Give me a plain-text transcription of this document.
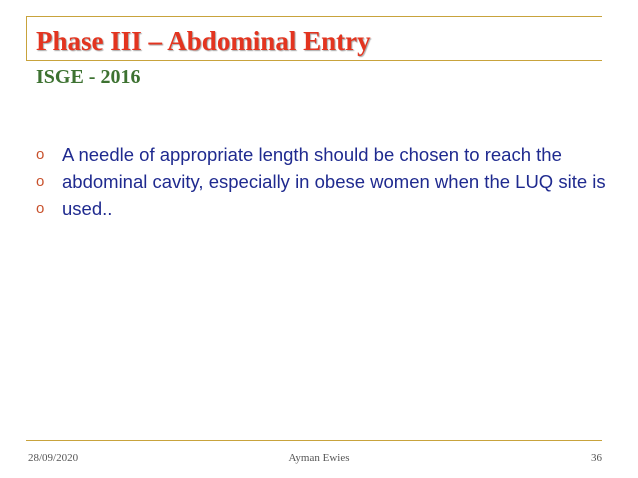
Phase III – Abdominal Entry
ISGE - 2016
o A needle of appropriate length should be chosen to reach the
o abdominal cavity, especially in obese women when the LUQ site is
o used..
28/09/2020	Ayman Ewies	36
